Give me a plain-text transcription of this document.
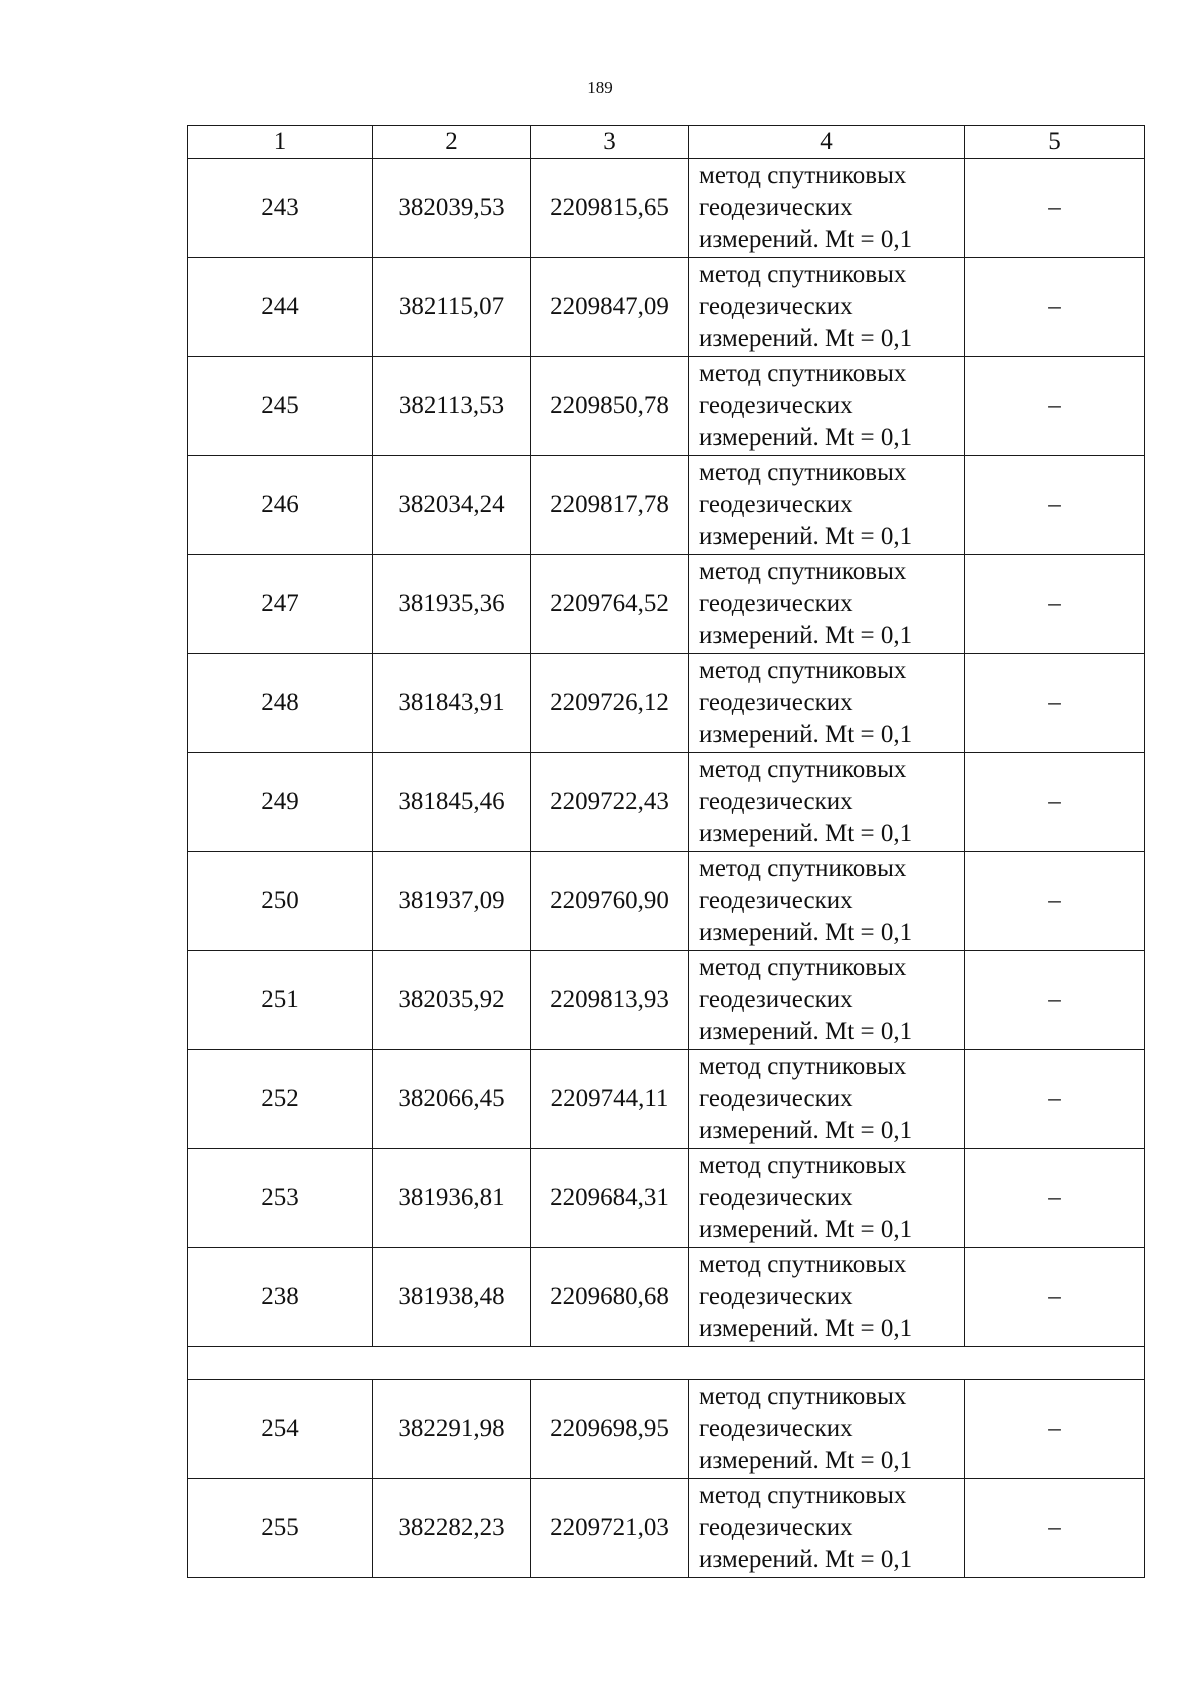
189
1	2	3	4	5
243	382039,53	2209815,65	метод спутниковых
геодезических
измерений. Mt = 0,1	–
244	382115,07	2209847,09	метод спутниковых
геодезических
измерений. Mt = 0,1	–
245	382113,53	2209850,78	метод спутниковых
геодезических
измерений. Mt = 0,1	–
246	382034,24	2209817,78	метод спутниковых
геодезических
измерений. Mt = 0,1	–
247	381935,36	2209764,52	метод спутниковых
геодезических
измерений. Mt = 0,1	–
248	381843,91	2209726,12	метод спутниковых
геодезических
измерений. Mt = 0,1	–
249	381845,46	2209722,43	метод спутниковых
геодезических
измерений. Mt = 0,1	–
250	381937,09	2209760,90	метод спутниковых
геодезических
измерений. Mt = 0,1	–
251	382035,92	2209813,93	метод спутниковых
геодезических
измерений. Mt = 0,1	–
252	382066,45	2209744,11	метод спутниковых
геодезических
измерений. Mt = 0,1	–
253	381936,81	2209684,31	метод спутниковых
геодезических
измерений. Mt = 0,1	–
238	381938,48	2209680,68	метод спутниковых
геодезических
измерений. Mt = 0,1	–

254	382291,98	2209698,95	метод спутниковых
геодезических
измерений. Mt = 0,1	–
255	382282,23	2209721,03	метод спутниковых
геодезических
измерений. Mt = 0,1	–
